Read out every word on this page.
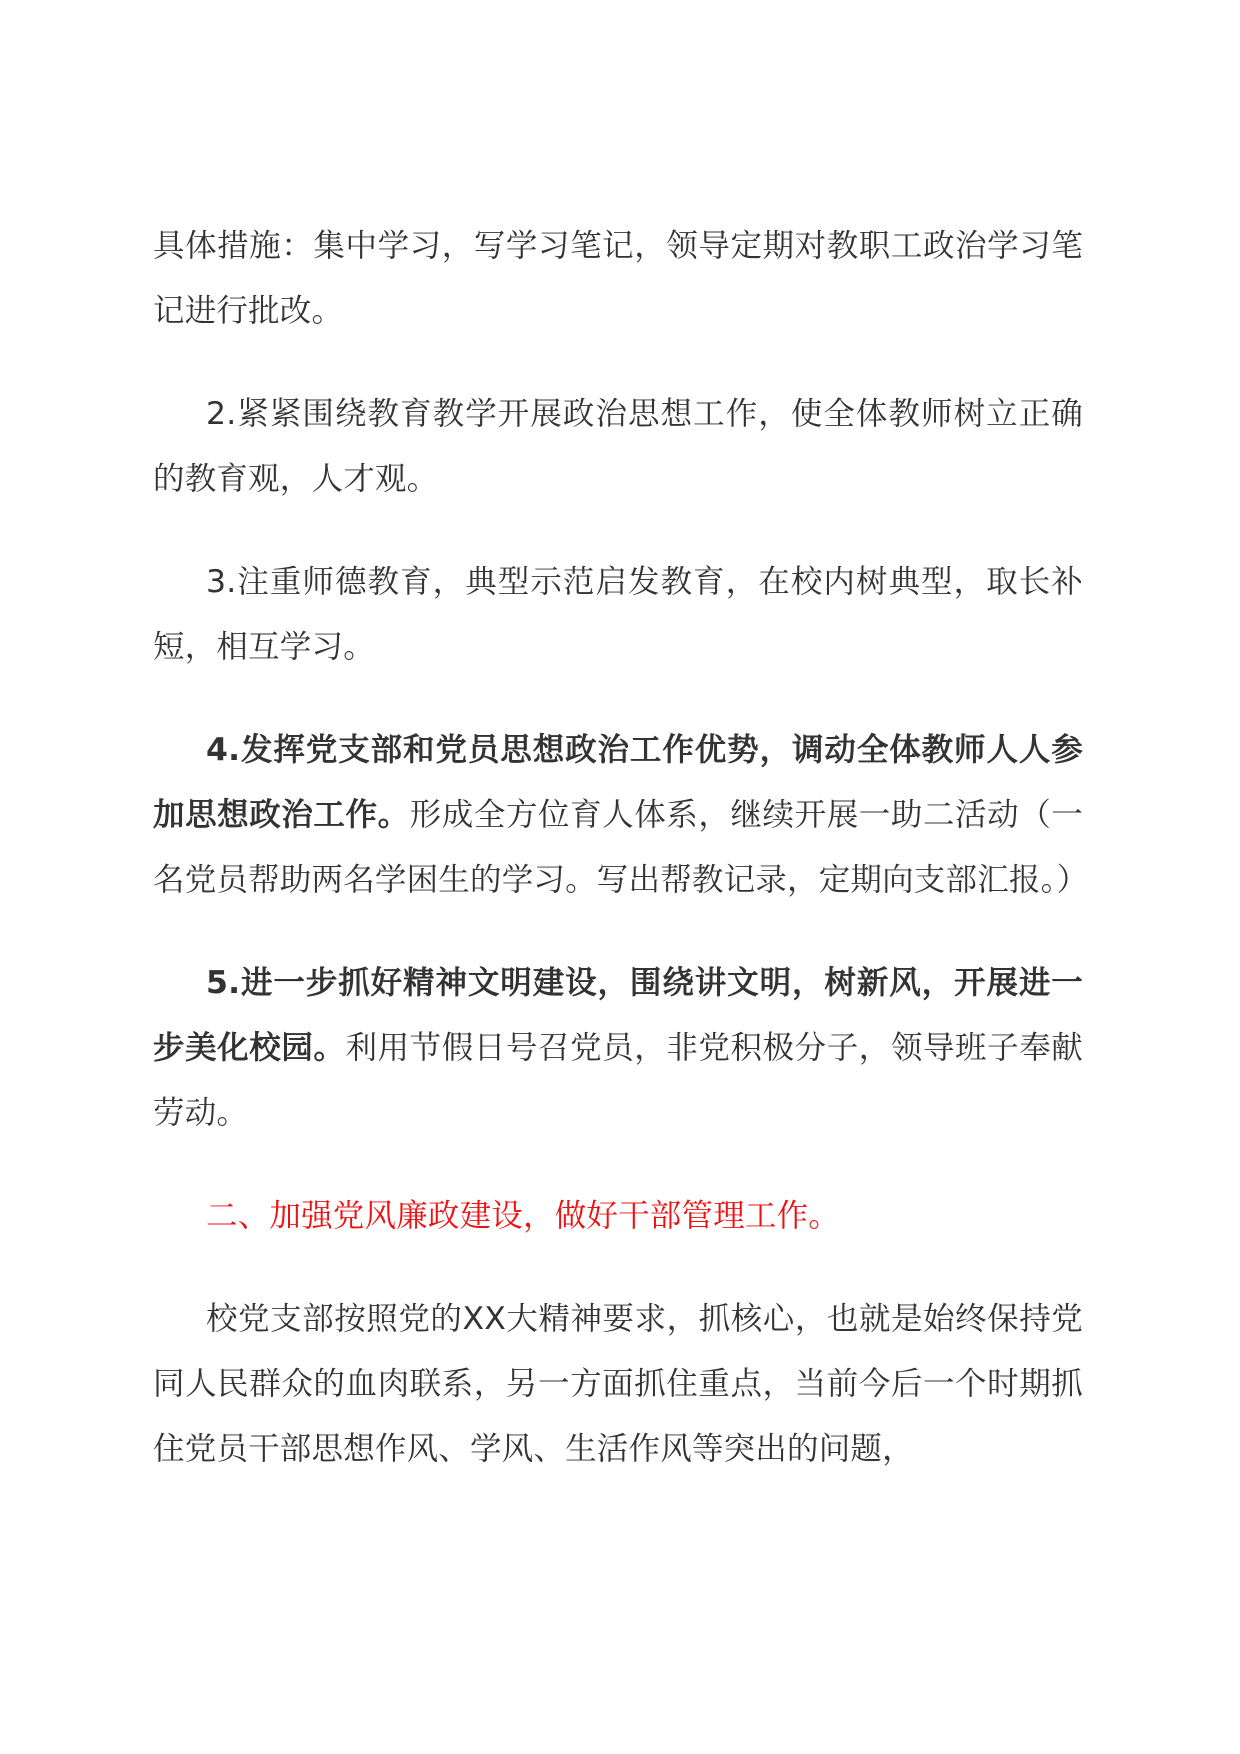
具体措施：集中学习，写学习笔记，领导定期对教职工政治学习笔记进行批改。

2.紧紧围绕教育教学开展政治思想工作，使全体教师树立正确的教育观，人才观。

3.注重师德教育，典型示范启发教育，在校内树典型，取长补短，相互学习。

4.发挥党支部和党员思想政治工作优势，调动全体教师人人参加思想政治工作。形成全方位育人体系，继续开展一助二活动（一名党员帮助两名学困生的学习。写出帮教记录，定期向支部汇报。）

5.进一步抓好精神文明建设，围绕讲文明，树新风，开展进一步美化校园。利用节假日号召党员，非党积极分子，领导班子奉献劳动。

二、加强党风廉政建设，做好干部管理工作。

校党支部按照党的XX大精神要求，抓核心，也就是始终保持党同人民群众的血肉联系，另一方面抓住重点，当前今后一个时期抓住党员干部思想作风、学风、生活作风等突出的问题，
